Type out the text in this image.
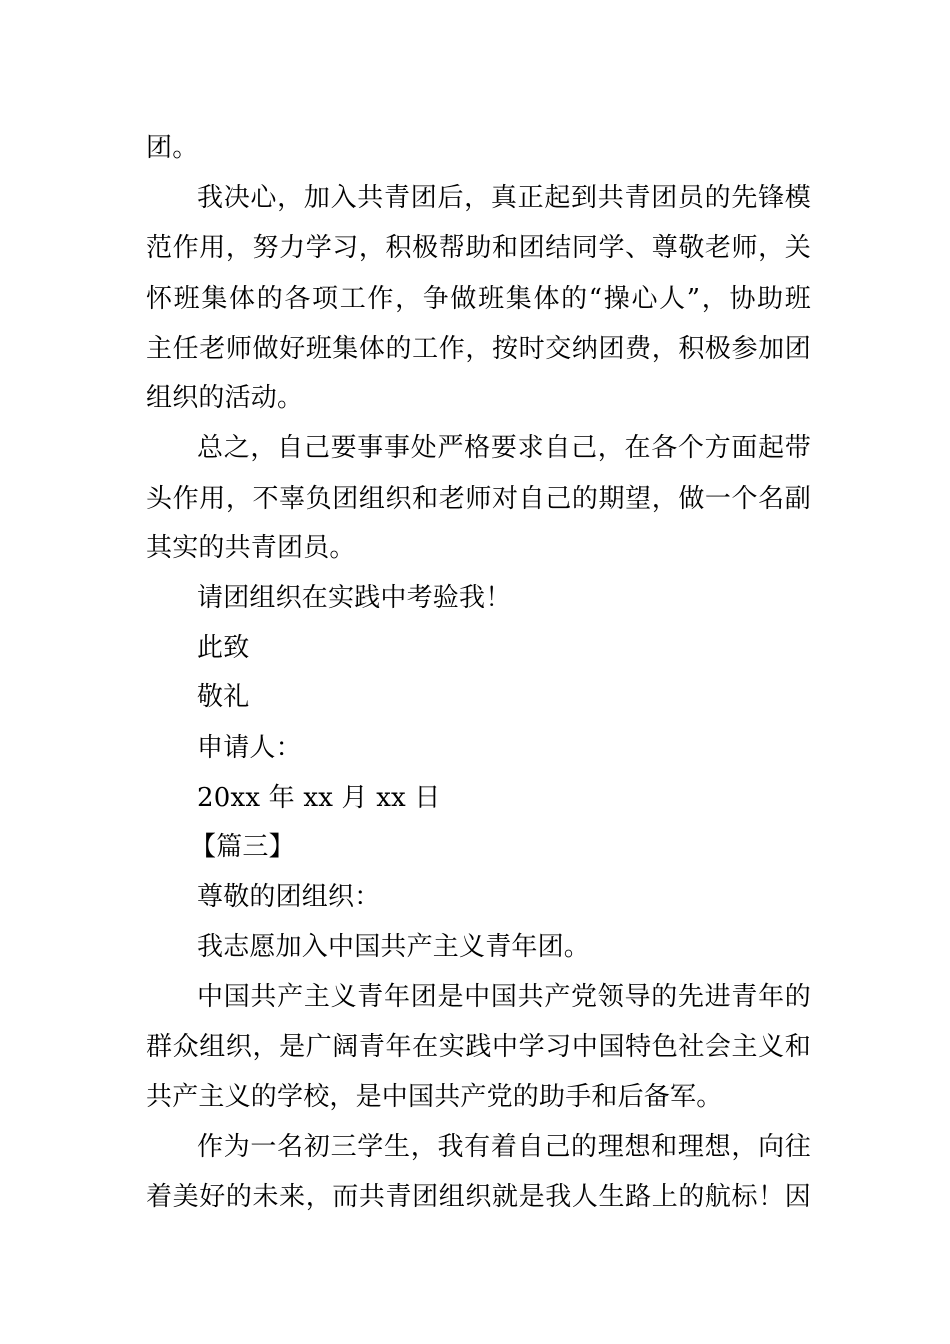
团。
我决心，加入共青团后，真正起到共青团员的先锋模
范作用，努力学习，积极帮助和团结同学、尊敬老师，关
怀班集体的各项工作，争做班集体的“操心人”，协助班
主任老师做好班集体的工作，按时交纳团费，积极参加团
组织的活动。
总之，自己要事事处严格要求自己，在各个方面起带
头作用，不辜负团组织和老师对自己的期望，做一个名副
其实的共青团员。
请团组织在实践中考验我！
此致
敬礼
申请人：
20xx 年 xx 月 xx 日
【篇三】
尊敬的团组织：
我志愿加入中国共产主义青年团。
中国共产主义青年团是中国共产党领导的先进青年的
群众组织，是广阔青年在实践中学习中国特色社会主义和
共产主义的学校，是中国共产党的助手和后备军。
作为一名初三学生，我有着自己的理想和理想，向往
着美好的未来，而共青团组织就是我人生路上的航标！因
